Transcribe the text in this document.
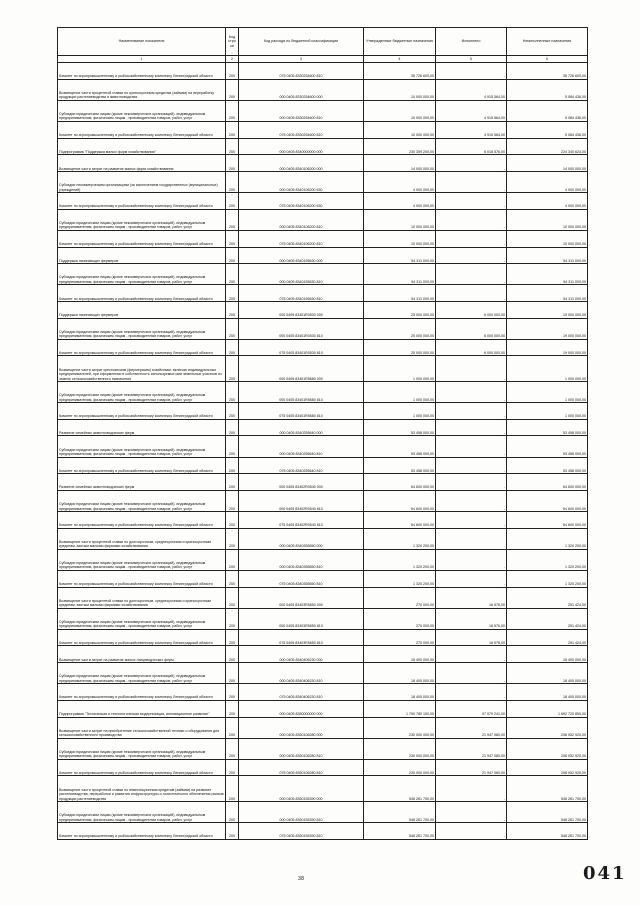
Наименование показателя	Код стро ки	Код расхода по бюджетной классификации	Утвержденные бюджетные назначения	Исполнено	Неисполненные назначения
1	2	3	4	5	6
Комитет по агропромышленному и рыбохозяйственному комплексу Ленинградской области	200	075 0405 8330254600 810	36 726 600,00	-	36 726 600,00
Возмещение части процентной ставки по краткосрочным кредитам (займам) на переработку продукции растениеводства и животноводства	200	000 0405 8330254600 000	10 000 000,00	4 915 564,00	5 084 436,00
Субсидии юридическим лицам (кроме некоммерческих организаций), индивидуальным предпринимателям, физическим лицам - производителям товаров, работ, услуг	200	000 0405 8330254600 810	10 000 000,00	4 915 564,00	5 084 436,00
Комитет по агропромышленному и рыбохозяйственному комплексу Ленинградской области	200	075 0405 8330254600 810	10 000 000,00	4 915 564,00	5 084 436,00
Подпрограмма "Поддержка малых форм хозяйствования"	200	000 0405 8340000000 000	230 359 200,00	6 018 576,00	224 340 624,00
Возмещение части затрат на развитие малых форм хозяйствования	200	000 0405 8340106200 000	14 000 000,00	-	14 000 000,00
Субсидии некоммерческим организациям (за исключением государственных (муниципальных) учреждений)	200	000 0405 8340106200 630	4 000 000,00	-	4 000 000,00
Комитет по агропромышленному и рыбохозяйственному комплексу Ленинградской области	200	075 0405 8340106200 630	4 000 000,00	-	4 000 000,00
Субсидии юридическим лицам (кроме некоммерческих организаций), индивидуальным предпринимателям, физическим лицам - производителям товаров, работ, услуг	200	000 0405 8340106200 810	10 000 000,00	-	10 000 000,00
Комитет по агропромышленному и рыбохозяйственному комплексу Ленинградской области	200	075 0405 8340106200 810	10 000 000,00	-	10 000 000,00
Поддержка начинающих фермеров	200	000 0405 8340155630 000	54 311 000,00	-	54 311 000,00
Субсидии юридическим лицам (кроме некоммерческих организаций), индивидуальным предпринимателям, физическим лицам - производителям товаров, работ, услуг	200	000 0405 8340155630 810	54 311 000,00	-	54 311 000,00
Комитет по агропромышленному и рыбохозяйственному комплексу Ленинградской области	200	075 0405 8340155630 810	54 311 000,00	-	54 311 000,00
Поддержка начинающих фермеров	200	000 0405 83401R0530 000	25 000 000,00	6 000 000,00	19 000 000,00
Субсидии юридическим лицам (кроме некоммерческих организаций), индивидуальным предпринимателям, физическим лицам - производителям товаров, работ, услуг	200	000 0405 83401R0530 810	25 000 000,00	6 000 000,00	19 000 000,00
Комитет по агропромышленному и рыбохозяйственному комплексу Ленинградской области	200	075 0405 83401R0530 810	25 000 000,00	6 000 000,00	19 000 000,00
Возмещение части затрат крестьянским (фермерским) хозяйствам, включая индивидуальных предпринимателей, при оформлении в собственность используемых ими земельных участков из земель сельскохозяйственного назначения	200	000 0405 83401R5680 000	1 000 000,00	-	1 000 000,00
Субсидии юридическим лицам (кроме некоммерческих организаций), индивидуальным предпринимателям, физическим лицам - производителям товаров, работ, услуг	200	000 0405 83401R5680 810	1 000 000,00	-	1 000 000,00
Комитет по агропромышленному и рыбохозяйственному комплексу Ленинградской области	200	075 0405 83401R5680 810	1 000 000,00	-	1 000 000,00
Развитие семейных животноводческих ферм	200	000 0405 8340255640 000	53 458 000,00	-	53 458 000,00
Субсидии юридическим лицам (кроме некоммерческих организаций), индивидуальным предпринимателям, физическим лицам - производителям товаров, работ, услуг	200	000 0405 8340255640 810	53 458 000,00	-	53 458 000,00
Комитет по агропромышленному и рыбохозяйственному комплексу Ленинградской области	200	075 0405 8340255640 810	53 458 000,00	-	53 458 000,00
Развитие семейных животноводческих ферм	200	000 0405 83402R0540 000	64 600 000,00	-	64 600 000,00
Субсидии юридическим лицам (кроме некоммерческих организаций), индивидуальным предпринимателям, физическим лицам - производителям товаров, работ, услуг	200	000 0405 83402R0540 810	64 600 000,00	-	64 600 000,00
Комитет по агропромышленному и рыбохозяйственному комплексу Ленинградской области	200	075 0405 83402R0540 810	64 600 000,00	-	64 600 000,00
Возмещение части процентной ставки по долгосрочным, среднесрочным и краткосрочным кредитам, взятым малыми формами хозяйствования	200	000 0405 8340355650 000	1 320 200,00	-	1 320 200,00
Субсидии юридическим лицам (кроме некоммерческих организаций), индивидуальным предпринимателям, физическим лицам - производителям товаров, работ, услуг	200	000 0405 8340355650 810	1 320 200,00	-	1 320 200,00
Комитет по агропромышленному и рыбохозяйственному комплексу Ленинградской области	200	075 0405 8340355650 810	1 320 200,00	-	1 320 200,00
Возмещение части процентной ставки по долгосрочным, среднесрочным и краткосрочным кредитам, взятым малыми формами хозяйствования	200	000 0405 83403R5650 000	270 000,00	18 576,00	251 424,00
Субсидии юридическим лицам (кроме некоммерческих организаций), индивидуальным предпринимателям, физическим лицам - производителям товаров, работ, услуг	200	000 0405 83403R5650 810	270 000,00	18 576,00	251 424,00
Комитет по агропромышленному и рыбохозяйственному комплексу Ленинградской области	200	075 0405 83403R5650 810	270 000,00	18 576,00	251 424,00
Возмещение части затрат на развитие малых птицеводческих ферм	200	000 0405 8340406230 000	18 400 000,00	-	18 400 000,00
Субсидии юридическим лицам (кроме некоммерческих организаций), индивидуальным предпринимателям, физическим лицам - производителям товаров, работ, услуг	200	000 0405 8340406230 810	18 400 000,00	-	18 400 000,00
Комитет по агропромышленному и рыбохозяйственному комплексу Ленинградской области	200	075 0405 8340406230 810	18 400 000,00	-	18 400 000,00
Подпрограмма "Техническая и технологическая модернизация, инновационное развитие"	200	000 0405 8350000000 000	1 790 780 100,00	97 979 241,00	1 692 720 859,00
Возмещение части затрат на приобретение сельскохозяйственной техники и оборудования для сельскохозяйственного производства	200	000 0405 8350106280 000	230 000 000,00	21 947 080,00	208 052 920,00
Субсидии юридическим лицам (кроме некоммерческих организаций), индивидуальным предпринимателям, физическим лицам - производителям товаров, работ, услуг	200	000 0405 8350106280 810	230 000 000,00	21 947 080,00	208 052 920,00
Комитет по агропромышленному и рыбохозяйственному комплексу Ленинградской области	200	075 0405 8350106280 810	230 000 000,00	21 947 080,00	208 052 920,00
Возмещение части процентной ставки по инвестиционным кредитам (займам) на развитие растениеводства, переработки и развития инфраструктуры и логистического обеспечения рынков продукции растениеводства	200	000 0405 8350155390 000	546 261 700,00	-	546 261 700,00
Субсидии юридическим лицам (кроме некоммерческих организаций), индивидуальным предпринимателям, физическим лицам - производителям товаров, работ, услуг	200	000 0405 8350155390 810	546 261 700,00	-	546 261 700,00
Комитет по агропромышленному и рыбохозяйственному комплексу Ленинградской области	200	075 0405 8350155390 810	546 261 700,00	-	546 261 700,00
38	041
